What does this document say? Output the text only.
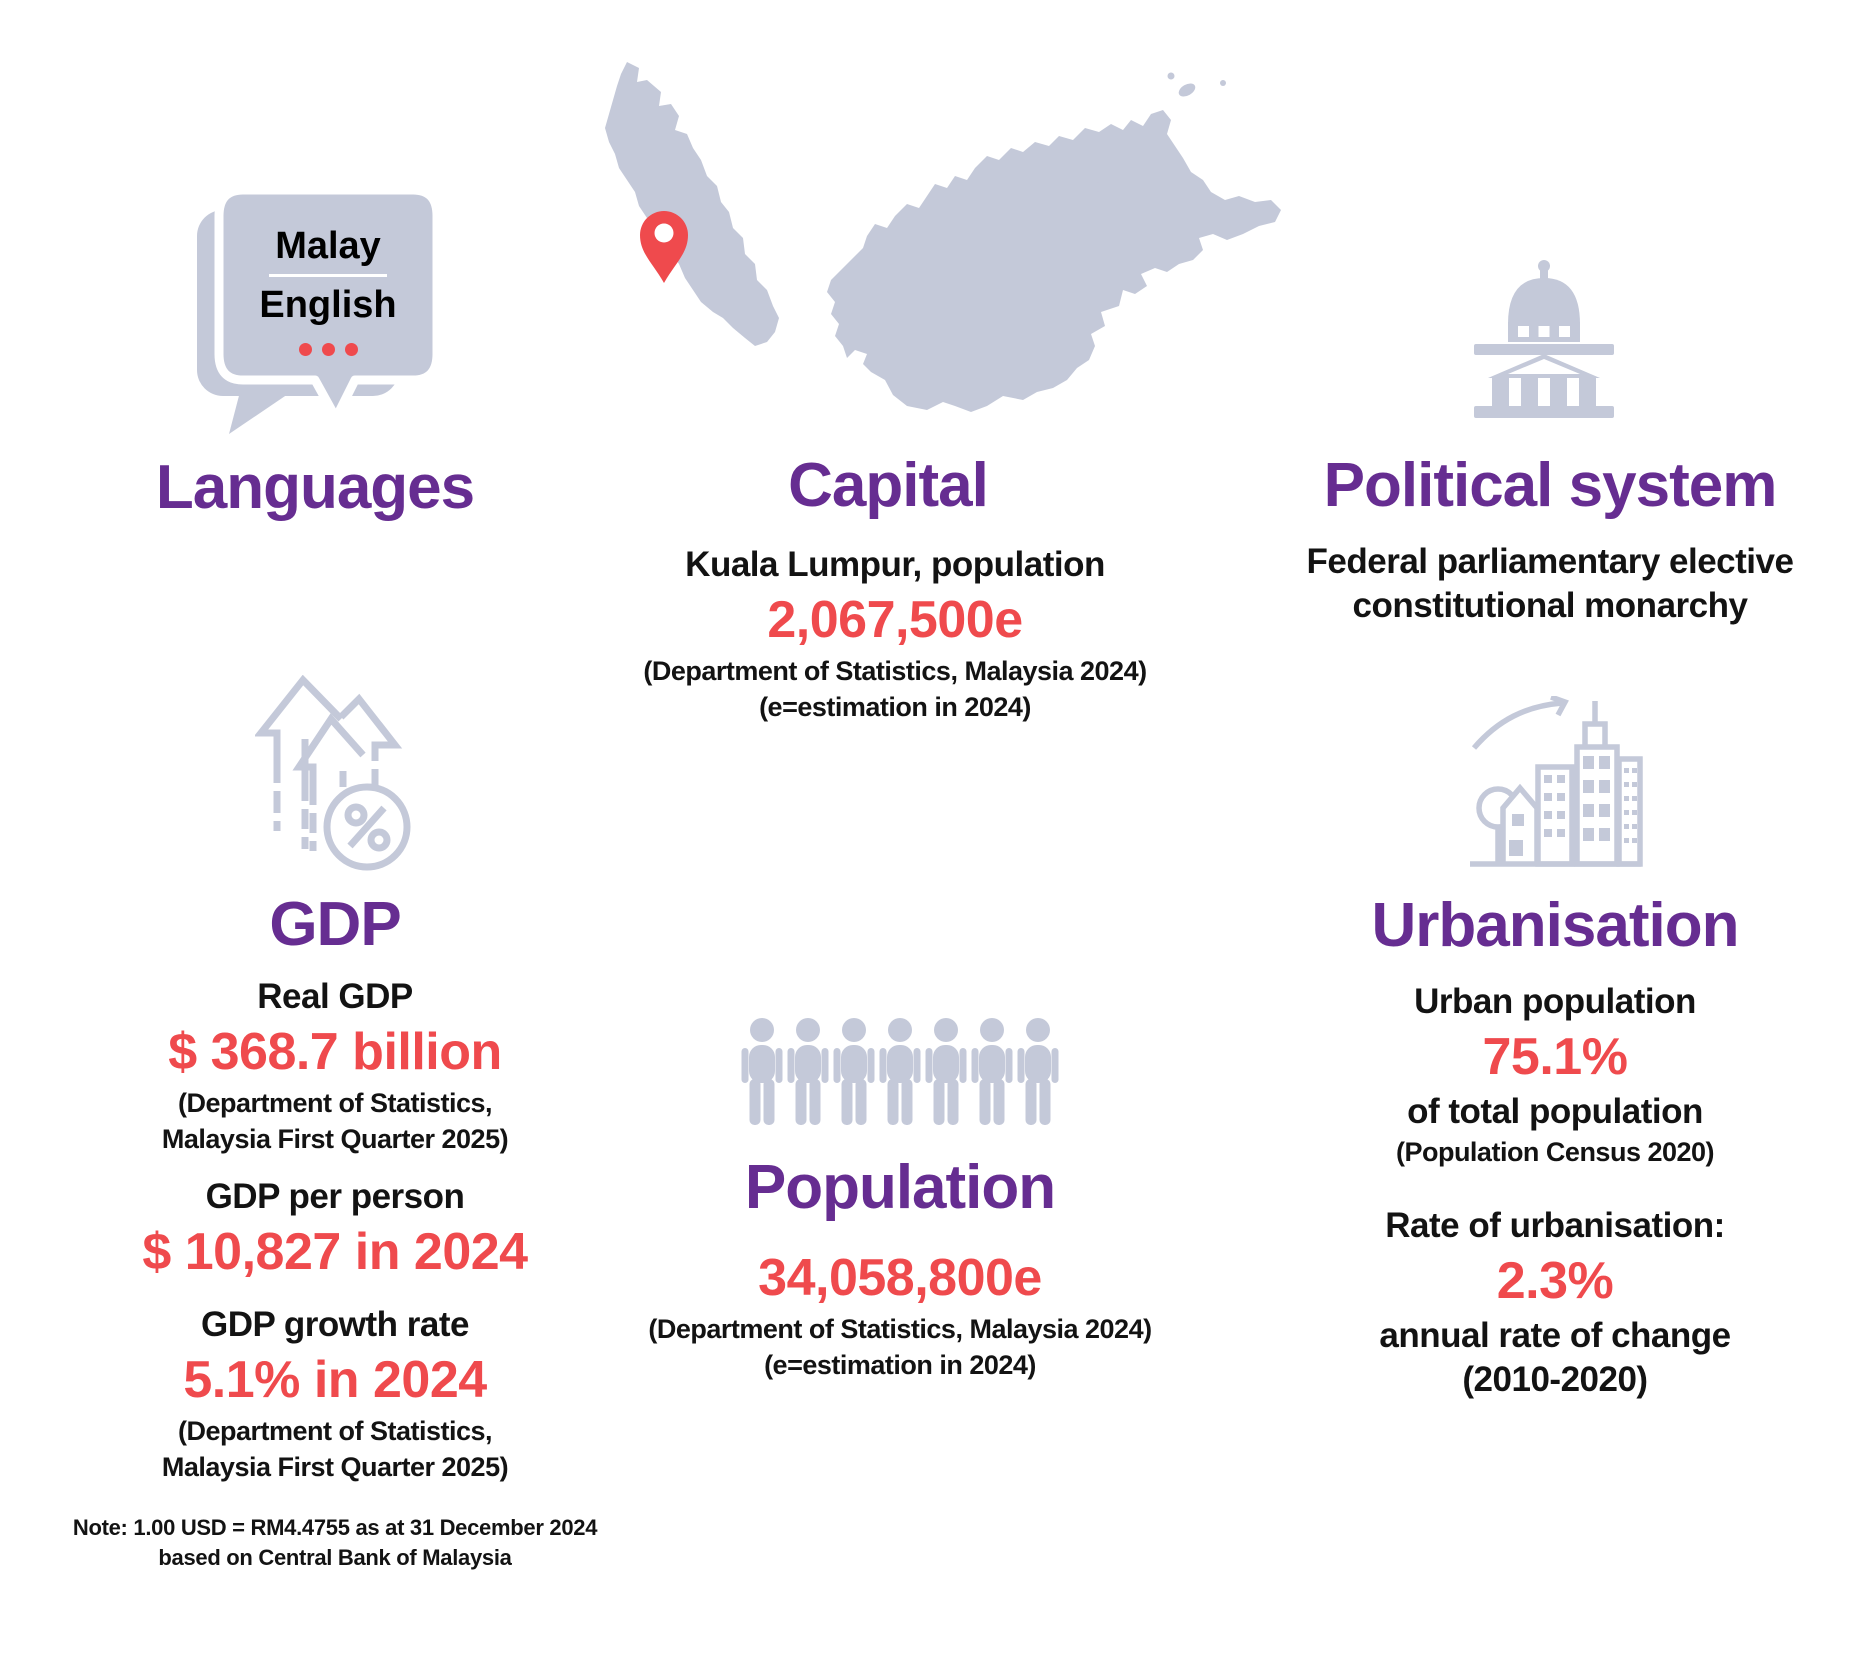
Malay
English
Languages	Capital
Kuala Lumpur, population
2,067,500e
(Department of Statistics, Malaysia 2024)
(e=estimation in 2024)
Political system
Federal parliamentary elective
constitutional monarchy
GDP
Real GDP
$ 368.7 billion
(Department of Statistics,
Malaysia First Quarter 2025)
GDP per person
$ 10,827 in 2024
GDP growth rate
5.1% in 2024
(Department of Statistics,
Malaysia First Quarter 2025)
Note: 1.00 USD = RM4.4755 as at 31 December 2024
based on Central Bank of Malaysia
Population
34,058,800e
(Department of Statistics, Malaysia 2024)
(e=estimation in 2024)
Urbanisation
Urban population
75.1%
of total population
(Population Census 2020)
Rate of urbanisation:
2.3%
annual rate of change
(2010-2020)
